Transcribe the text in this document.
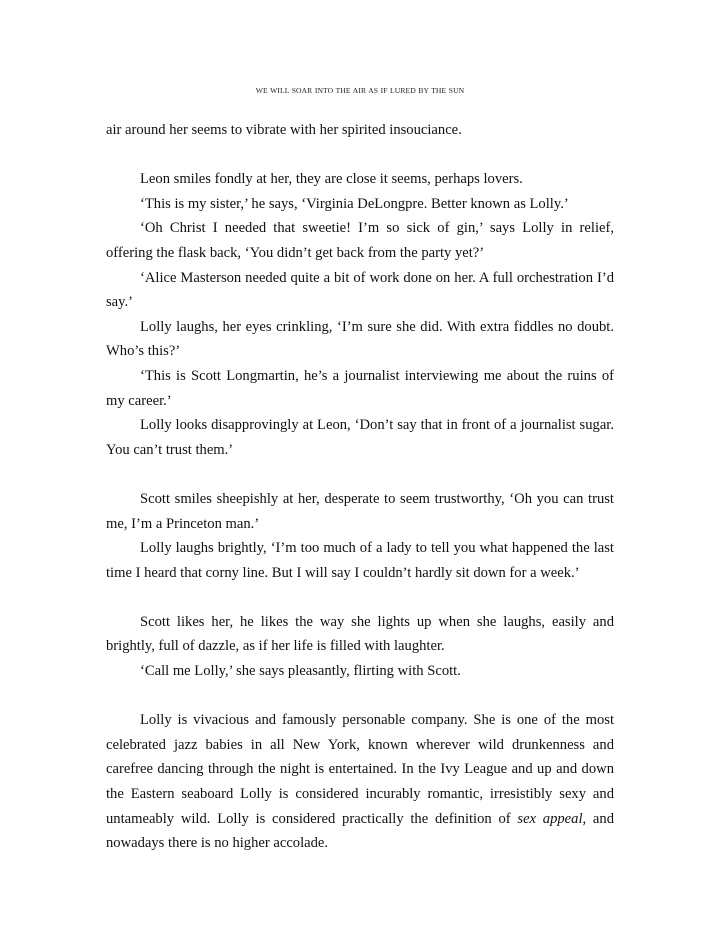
WE WILL SOAR INTO THE AIR AS IF LURED BY THE SUN

air around her seems to vibrate with her spirited insouciance.

Leon smiles fondly at her, they are close it seems, perhaps lovers.

‘This is my sister,’ he says, ‘Virginia DeLongpre. Better known as Lolly.’

‘Oh Christ I needed that sweetie! I’m so sick of gin,’ says Lolly in relief, offering the flask back, ‘You didn’t get back from the party yet?’

‘Alice Masterson needed quite a bit of work done on her. A full orchestration I’d say.’

Lolly laughs, her eyes crinkling, ‘I’m sure she did. With extra fiddles no doubt. Who’s this?’

‘This is Scott Longmartin, he’s a journalist interviewing me about the ruins of my career.’

Lolly looks disapprovingly at Leon, ‘Don’t say that in front of a journalist sugar. You can’t trust them.’

Scott smiles sheepishly at her, desperate to seem trustworthy, ‘Oh you can trust me, I’m a Princeton man.’

Lolly laughs brightly, ‘I’m too much of a lady to tell you what happened the last time I heard that corny line. But I will say I couldn’t hardly sit down for a week.’

Scott likes her, he likes the way she lights up when she laughs, easily and brightly, full of dazzle, as if her life is filled with laughter.

‘Call me Lolly,’ she says pleasantly, flirting with Scott.

Lolly is vivacious and famously personable company. She is one of the most celebrated jazz babies in all New York, known wherever wild drunkenness and carefree dancing through the night is entertained. In the Ivy League and up and down the Eastern seaboard Lolly is considered incurably romantic, irresistibly sexy and untameably wild. Lolly is considered practically the definition of sex appeal, and nowadays there is no higher accolade.
